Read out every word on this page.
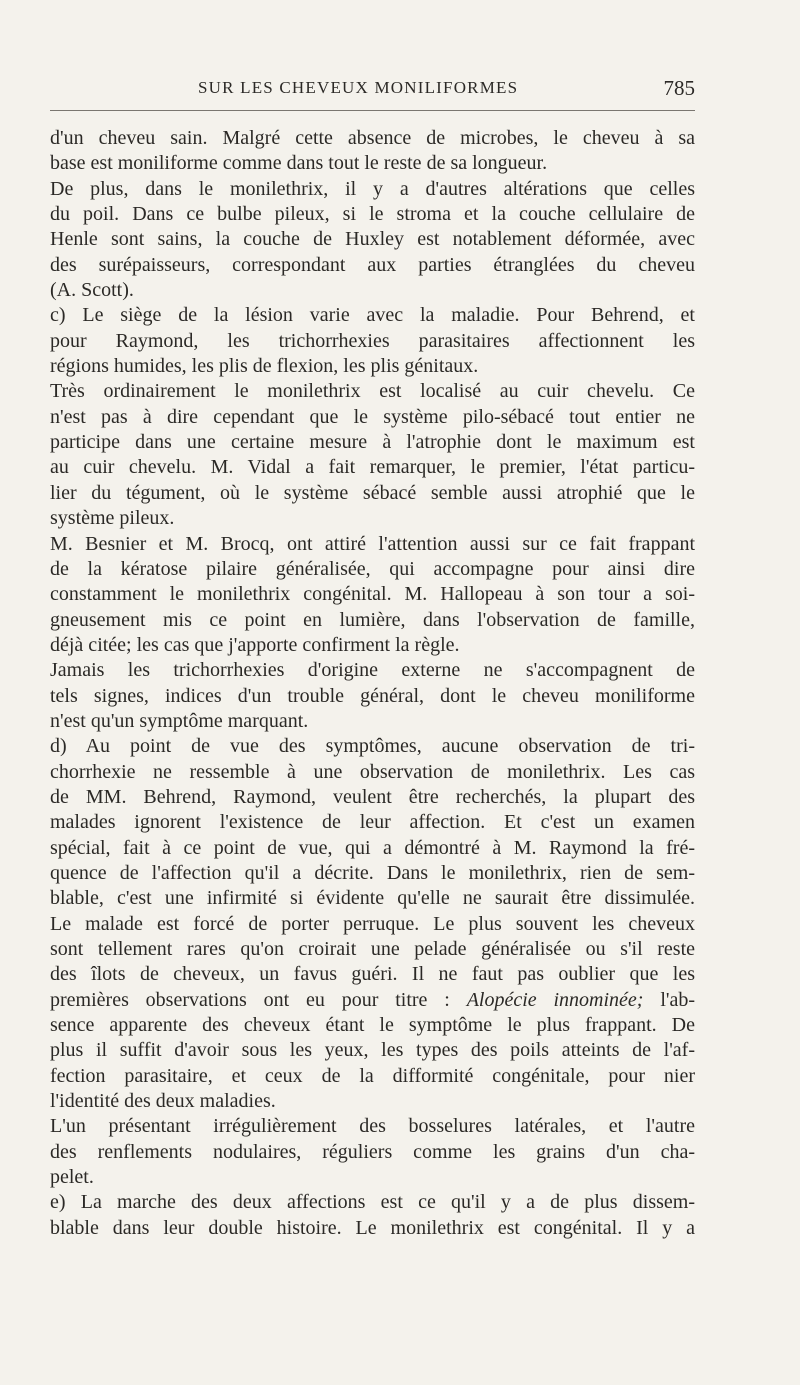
SUR LES CHEVEUX MONILIFORMES	785

d'un cheveu sain. Malgré cette absence de microbes, le cheveu à sa

base est moniliforme comme dans tout le reste de sa longueur.

De plus, dans le monilethrix, il y a d'autres altérations que celles

du poil. Dans ce bulbe pileux, si le stroma et la couche cellulaire de

Henle sont sains, la couche de Huxley est notablement déformée, avec

des surépaisseurs, correspondant aux parties étranglées du cheveu

(A. Scott).

c) Le siège de la lésion varie avec la maladie. Pour Behrend, et

pour Raymond, les trichorrhexies parasitaires affectionnent les

régions humides, les plis de flexion, les plis génitaux.

Très ordinairement le monilethrix est localisé au cuir chevelu. Ce

n'est pas à dire cependant que le système pilo-sébacé tout entier ne

participe dans une certaine mesure à l'atrophie dont le maximum est

au cuir chevelu. M. Vidal a fait remarquer, le premier, l'état particu-

lier du tégument, où le système sébacé semble aussi atrophié que le

système pileux.

M. Besnier et M. Brocq, ont attiré l'attention aussi sur ce fait frappant

de la kératose pilaire généralisée, qui accompagne pour ainsi dire

constamment le monilethrix congénital. M. Hallopeau à son tour a soi-

gneusement mis ce point en lumière, dans l'observation de famille,

déjà citée; les cas que j'apporte confirment la règle.

Jamais les trichorrhexies d'origine externe ne s'accompagnent de

tels signes, indices d'un trouble général, dont le cheveu moniliforme

n'est qu'un symptôme marquant.

d) Au point de vue des symptômes, aucune observation de tri-

chorrhexie ne ressemble à une observation de monilethrix. Les cas

de MM. Behrend, Raymond, veulent être recherchés, la plupart des

malades ignorent l'existence de leur affection. Et c'est un examen

spécial, fait à ce point de vue, qui a démontré à M. Raymond la fré-

quence de l'affection qu'il a décrite. Dans le monilethrix, rien de sem-

blable, c'est une infirmité si évidente qu'elle ne saurait être dissimulée.

Le malade est forcé de porter perruque. Le plus souvent les cheveux

sont tellement rares qu'on croirait une pelade généralisée ou s'il reste

des îlots de cheveux, un favus guéri. Il ne faut pas oublier que les

premières observations ont eu pour titre : Alopécie innominée; l'ab-

sence apparente des cheveux étant le symptôme le plus frappant. De

plus il suffit d'avoir sous les yeux, les types des poils atteints de l'af-

fection parasitaire, et ceux de la difformité congénitale, pour nier

l'identité des deux maladies.

L'un présentant irrégulièrement des bosselures latérales, et l'autre

des renflements nodulaires, réguliers comme les grains d'un cha-

pelet.

e) La marche des deux affections est ce qu'il y a de plus dissem-

blable dans leur double histoire. Le monilethrix est congénital. Il y a
